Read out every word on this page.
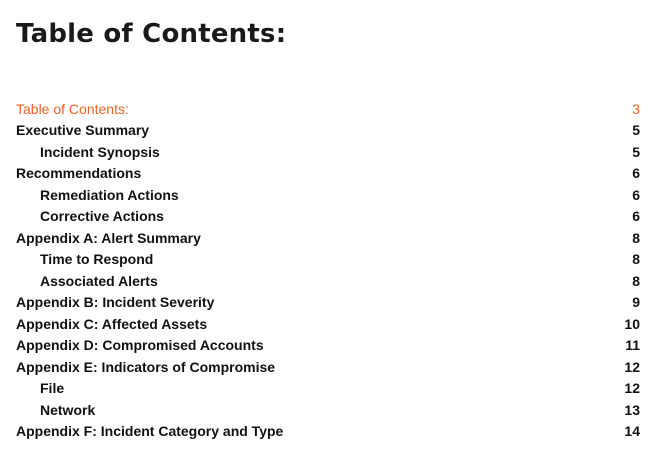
Table of Contents:
Table of Contents:	3
Executive Summary	5
Incident Synopsis	5
Recommendations	6
Remediation Actions	6
Corrective Actions	6
Appendix A: Alert Summary	8
Time to Respond	8
Associated Alerts	8
Appendix B: Incident Severity	9
Appendix C: Affected Assets	10
Appendix D: Compromised Accounts	11
Appendix E: Indicators of Compromise	12
File	12
Network	13
Appendix F: Incident Category and Type	14
